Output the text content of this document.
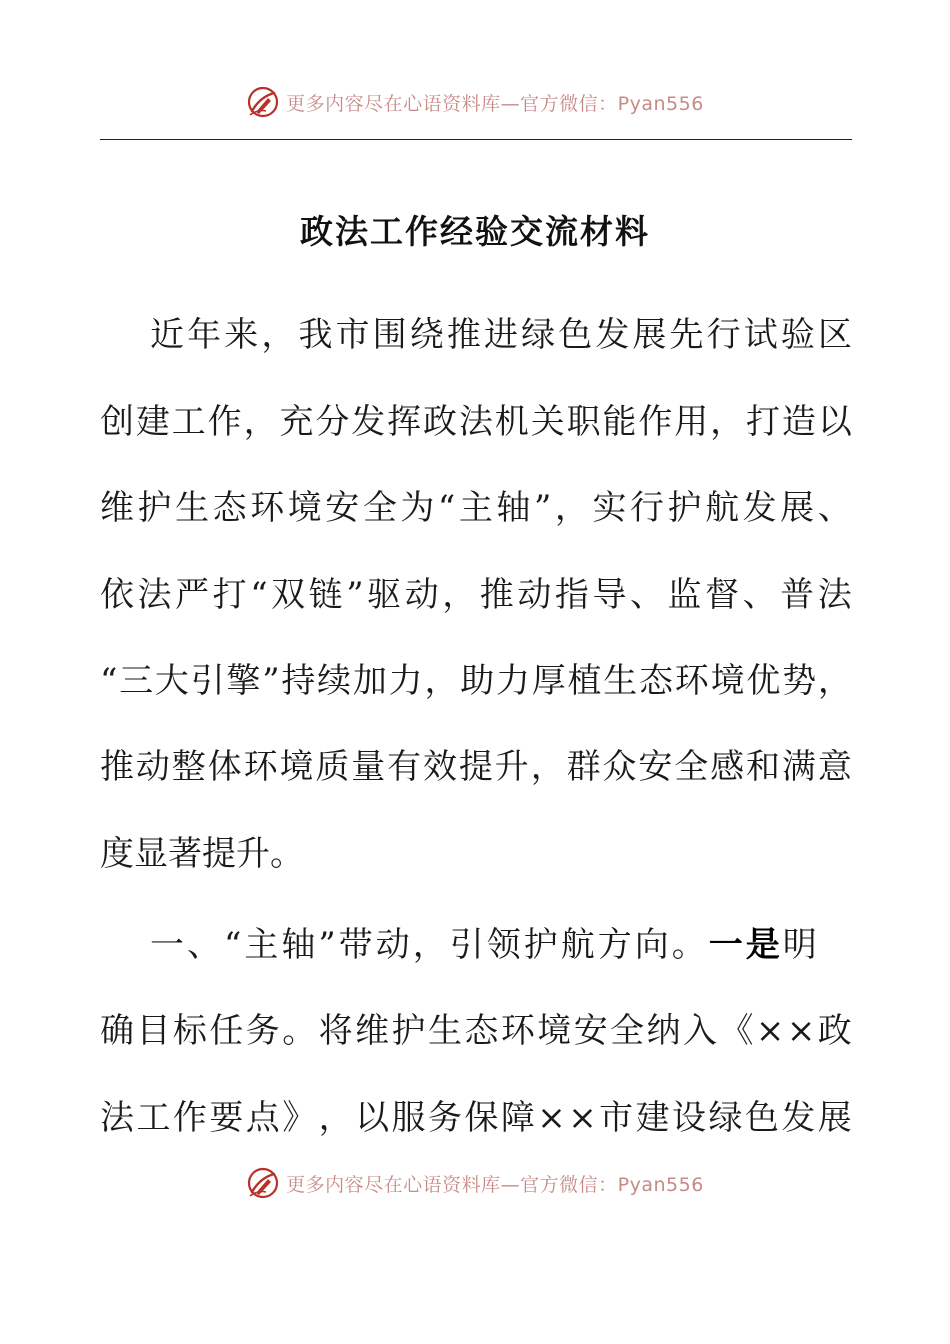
更多内容尽在心语资料库—官方微信：Pyan556
政法工作经验交流材料
近 年 来 ， 我 市 围 绕 推 进 绿 色 发 展 先 行 试 验 区
创 建 工 作 ， 充 分 发 挥 政 法 机 关 职 能 作 用 ， 打 造 以
维 护 生 态 环 境 安 全 为 “ 主 轴 ” ， 实 行 护 航 发 展 、
依 法 严 打 “ 双 链 ” 驱 动 ， 推 动 指 导 、 监 督 、 普 法
“ 三 大 引 擎 ” 持 续 加 力 ， 助 力 厚 植 生 态 环 境 优 势 ，
推 动 整 体 环 境 质 量 有 效 提 升 ， 群 众 安 全 感 和 满 意
度显著提升。
一、“主轴”带动，引领护航方向。一是明
确 目 标 任 务 。 将 维 护 生 态 环 境 安 全 纳 入 《 × × 政
法 工 作 要 点 》 ， 以 服 务 保 障 × × 市 建 设 绿 色 发 展
更多内容尽在心语资料库—官方微信：Pyan556
